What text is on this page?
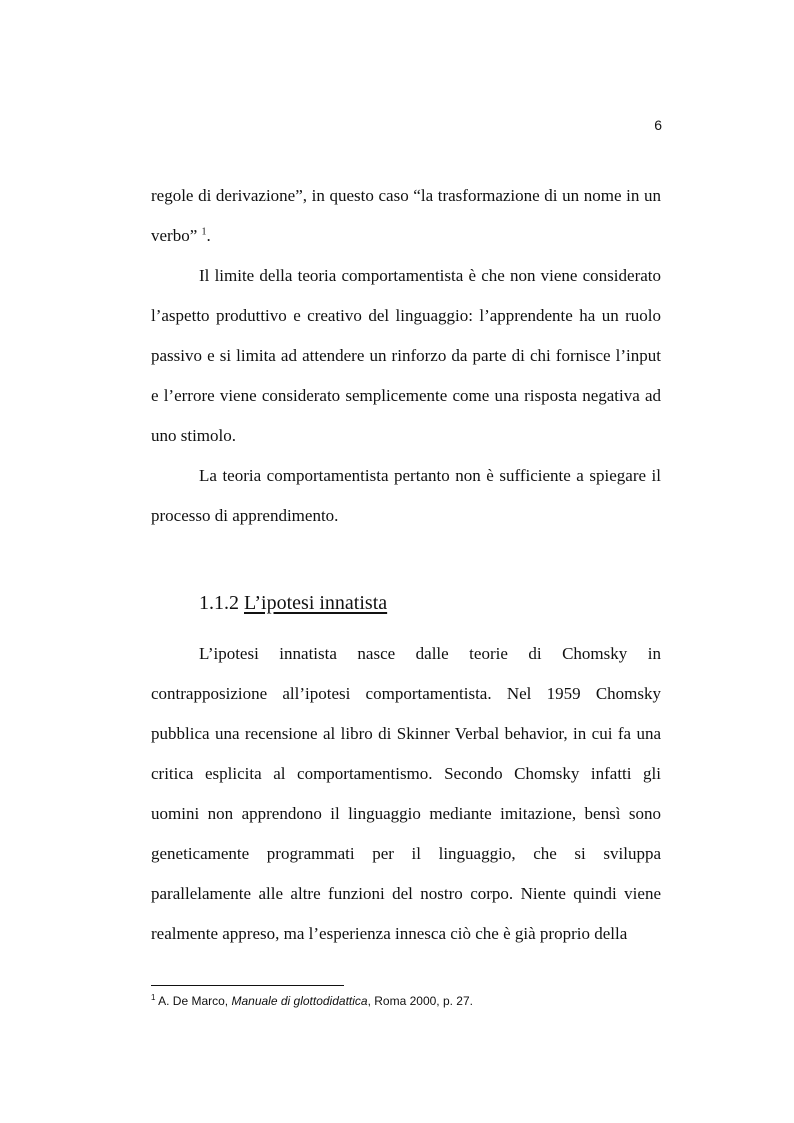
6

regole di derivazione”, in questo caso “la trasformazione di un nome in un verbo” $^1$.

Il limite della teoria comportamentista è che non viene considerato l’aspetto produttivo e creativo del linguaggio: l’apprendente ha un ruolo passivo e si limita ad attendere un rinforzo da parte di chi fornisce l’input e l’errore viene considerato semplicemente come una risposta negativa ad uno stimolo.

La teoria comportamentista pertanto non è sufficiente a spiegare il processo di apprendimento.

1.1.2 L’ipotesi innatista

L’ipotesi innatista nasce dalle teorie di Chomsky in contrapposizione all’ipotesi comportamentista. Nel 1959 Chomsky pubblica una recensione al libro di Skinner Verbal behavior, in cui fa una critica esplicita al comportamentismo. Secondo Chomsky infatti gli uomini non apprendono il linguaggio mediante imitazione, bensì sono geneticamente programmati per il linguaggio, che si sviluppa parallelamente alle altre funzioni del nostro corpo. Niente quindi viene realmente appreso, ma l’esperienza innesca ciò che è già proprio della

$^1$ A. De Marco, Manuale di glottodidattica, Roma 2000, p. 27.
